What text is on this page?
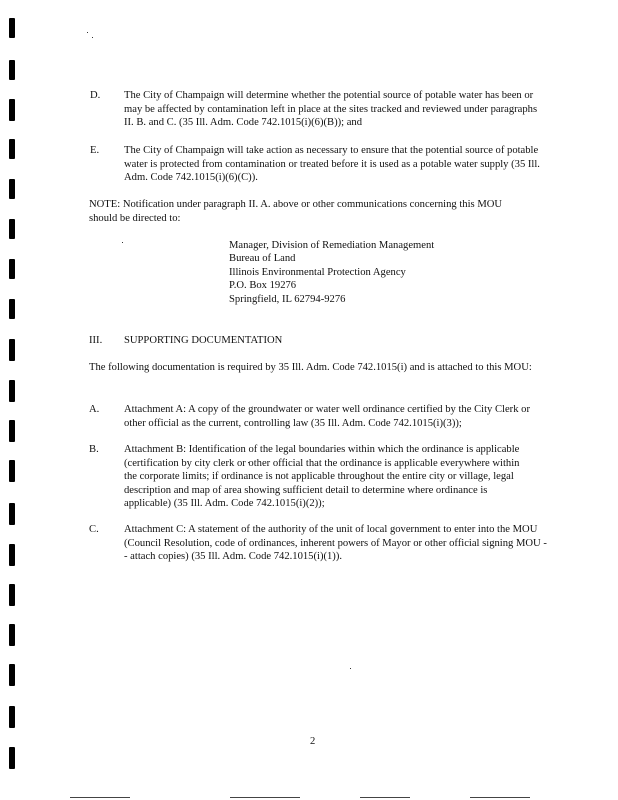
D. The City of Champaign will determine whether the potential source of potable water has been or may be affected by contamination left in place at the sites tracked and reviewed under paragraphs II. B. and C. (35 Ill. Adm. Code 742.1015(i)(6)(B)); and
E. The City of Champaign will take action as necessary to ensure that the potential source of potable water is protected from contamination or treated before it is used as a potable water supply (35 Ill. Adm. Code 742.1015(i)(6)(C)).
NOTE: Notification under paragraph II. A. above or other communications concerning this MOU should be directed to:
Manager, Division of Remediation Management
Bureau of Land
Illinois Environmental Protection Agency
P.O. Box 19276
Springfield, IL 62794-9276
III. SUPPORTING DOCUMENTATION
The following documentation is required by 35 Ill. Adm. Code 742.1015(i) and is attached to this MOU:
A. Attachment A: A copy of the groundwater or water well ordinance certified by the City Clerk or other official as the current, controlling law (35 Ill. Adm. Code 742.1015(i)(3));
B. Attachment B: Identification of the legal boundaries within which the ordinance is applicable (certification by city clerk or other official that the ordinance is applicable everywhere within the corporate limits; if ordinance is not applicable throughout the entire city or village, legal description and map of area showing sufficient detail to determine where ordinance is applicable) (35 Ill. Adm. Code 742.1015(i)(2));
C. Attachment C: A statement of the authority of the unit of local government to enter into the MOU (Council Resolution, code of ordinances, inherent powers of Mayor or other official signing MOU -- attach copies) (35 Ill. Adm. Code 742.1015(i)(1)).
2
